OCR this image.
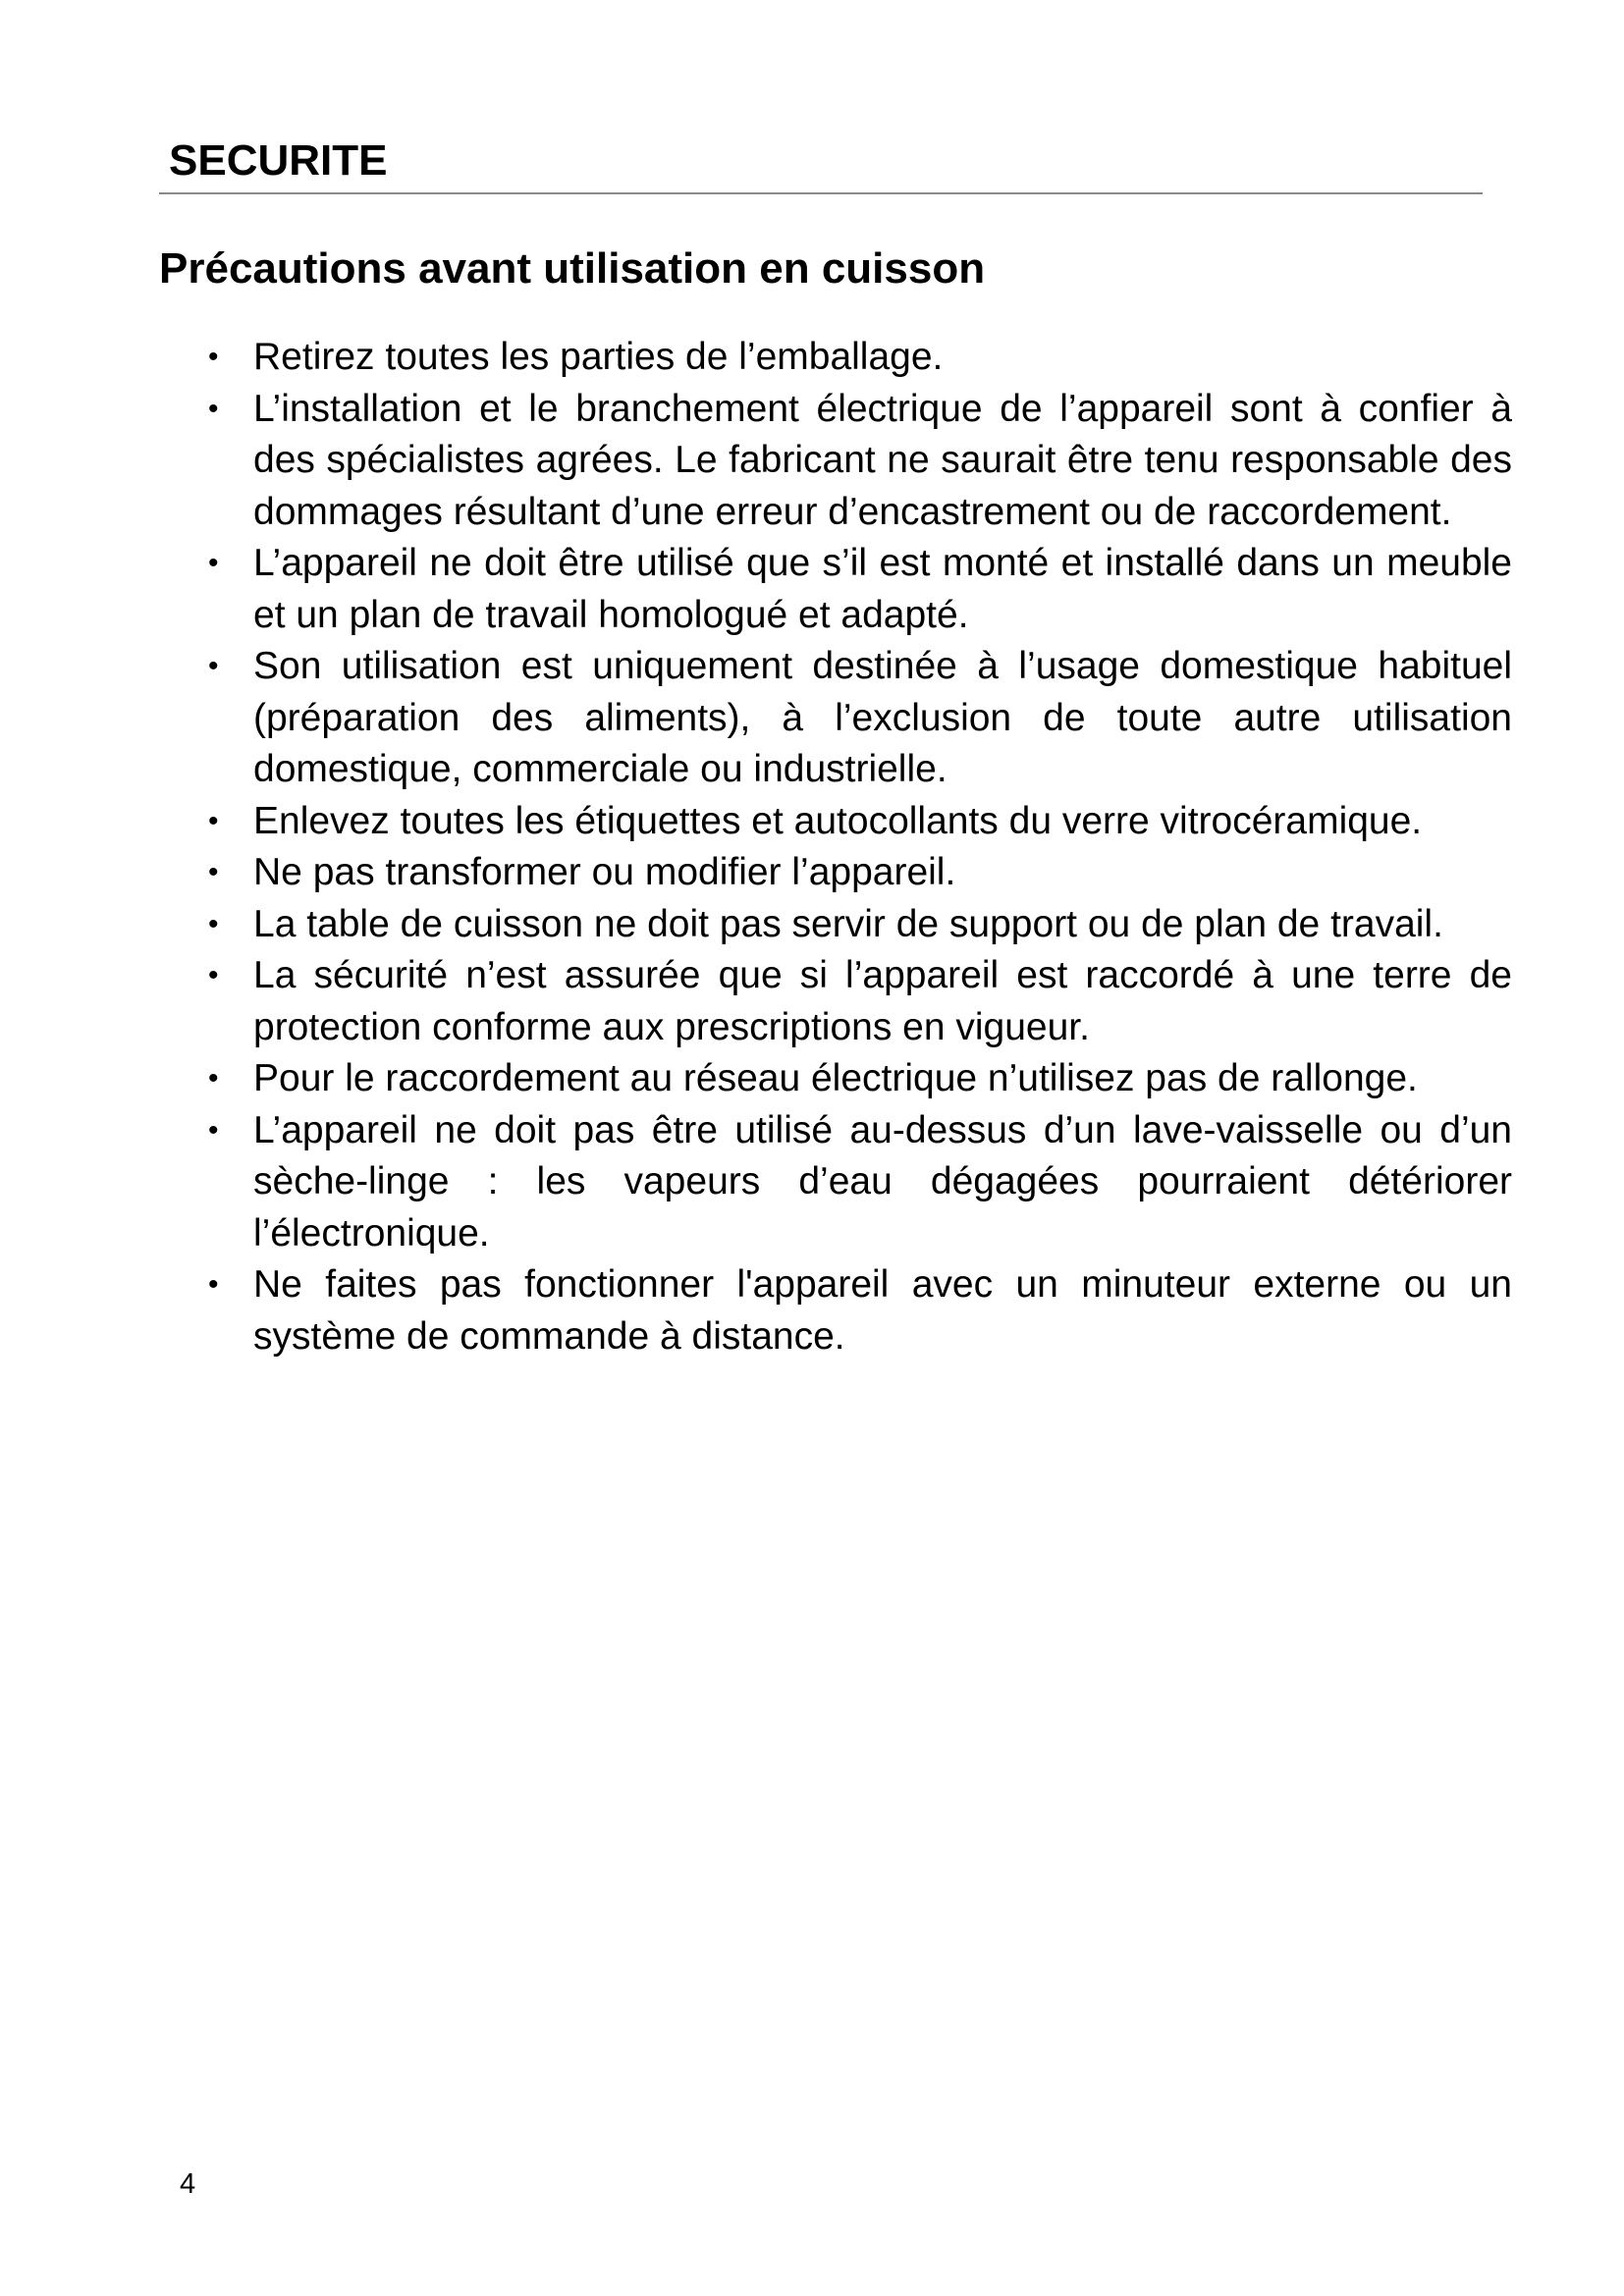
SECURITE
Précautions avant utilisation en cuisson
• Retirez toutes les parties de l’emballage.
• L’installation et le branchement électrique de l’appareil sont à confier à des spécialistes agrées. Le fabricant ne saurait être tenu responsable des dommages résultant d’une erreur d’encastrement ou de raccordement.
• L’appareil ne doit être utilisé que s’il est monté et installé dans un meuble et un plan de travail homologué et adapté.
• Son utilisation est uniquement destinée à l’usage domestique habituel (préparation des aliments), à l’exclusion de toute autre utilisation domestique, commerciale ou industrielle.
• Enlevez toutes les étiquettes et autocollants du verre vitrocéramique.
• Ne pas transformer ou modifier l’appareil.
• La table de cuisson ne doit pas servir de support ou de plan de travail.
• La sécurité n’est assurée que si l’appareil est raccordé à une terre de protection conforme aux prescriptions en vigueur.
• Pour le raccordement au réseau électrique n’utilisez pas de rallonge.
• L’appareil ne doit pas être utilisé au-dessus d’un lave-vaisselle ou d’un sèche-linge : les vapeurs d’eau dégagées pourraient détériorer l’électronique.
• Ne faites pas fonctionner l'appareil avec un minuteur externe ou un système de commande à distance.

4
